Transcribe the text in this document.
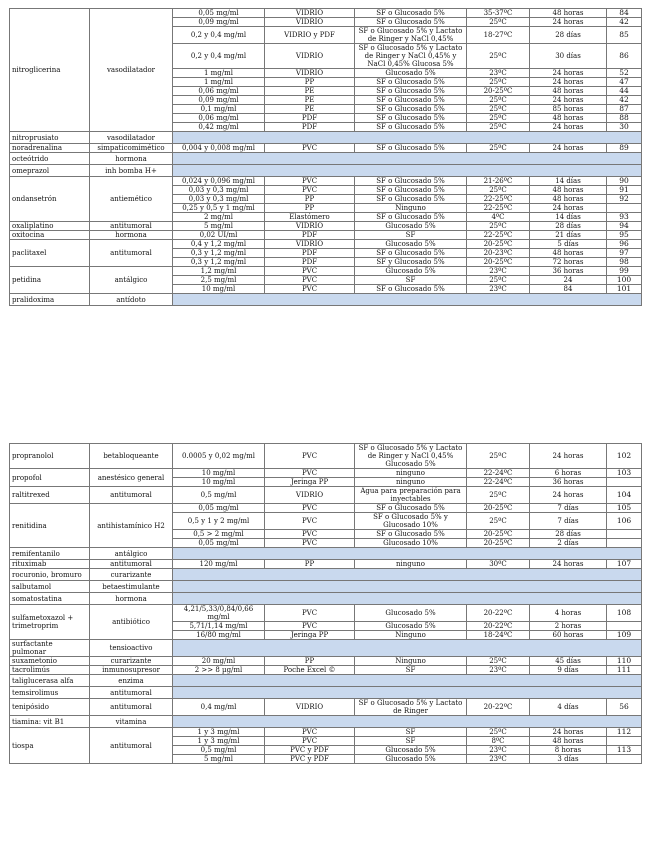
nitroglicerina	vasodilatador	0,05 mg/ml	VIDRIO	SF o Glucosado 5%	35-37ºC	48 horas	84
		0,09 mg/ml	VIDRIO	SF o Glucosado 5%	25ºC	24 horas	42
		0,2 y 0,4 mg/ml	VIDRIO y PDF	SF o Glucosado 5% y Lactato de Ringer y NaCl 0,45%	18-27ºC	28 días	85
		0,2 y 0,4 mg/ml	VIDRIO	SF o Glucosado 5% y Lactato de Ringer y NaCl 0,45% y NaCl 0,45% Glucosa 5%	25ºC	30 días	86
		1 mg/ml	VIDRIO	Glucosado 5%	23ºC	24 horas	52
		1 mg/ml	PP	SF o Glucosado 5%	25ºC	24 horas	47
		0,06 mg/ml	PE	SF o Glucosado 5%	20-25ºC	48 horas	44
		0,09 mg/ml	PE	SF o Glucosado 5%	25ºC	24 horas	42
		0,1 mg/ml	PE	SF o Glucosado 5%	25ºC	85 horas	87
		0,06 mg/ml	PDF	SF o Glucosado 5%	25ºC	48 horas	88
		0,42 mg/ml	PDF	SF o Glucosado 5%	25ºC	24 horas	30
nitroprusiato	vasodilatador						
noradrenalina	simpaticomimético	0,004 y 0,008 mg/ml	PVC	SF o Glucosado 5%	25ºC	24 horas	89
octeótrido	hormona						
omeprazol	inh bomba H+						
ondansetrón	antiemético	0,024 y 0,096 mg/ml	PVC	SF o Glucosado 5%	21-26ºC	14 días	90
		0,03 y 0,3 mg/ml	PVC	SF o Glucosado 5%	25ºC	48 horas	91
		0,03 y 0,3 mg/ml	PP	SF o Glucosado 5%	22-25ºC	48 horas	92
		0,25 y 0,5 y 1 mg/ml	PP	Ninguno	22-25ºC	24 horas	
		2 mg/ml	Elastómero	SF o Glucosado 5%	4ºC	14 días	93
oxaliplatino	antitumoral	5 mg/ml	VIDRIO	Glucosado 5%	25ºC	28 días	94
oxitocina	hormona	0,02 UI/ml	PDF	SF	22-25ºC	21 días	95
paclitaxel	antitumoral	0,4 y 1,2 mg/ml	VIDRIO	Glucosado 5%	20-25ºC	5 días	96
		0,3 y 1,2 mg/ml	PDF	SF o Glucosado 5%	20-23ºC	48 horas	97
		0,3 y 1,2 mg/ml	PDF	SF y Glucosado 5%	20-25ºC	72 horas	98
petidina	antálgico	1,2 mg/ml	PVC	Glucosado 5%	23ºC	36 horas	99
		2,5 mg/ml	PVC	SF	25ºC	24	100
		10 mg/ml	PVC	SF o Glucosado 5%	23ºC	84	101
pralidoxima	antídoto						
propranolol	betabloqueante	0.0005 y 0,02 mg/ml	PVC	SF o Glucosado 5% y Lactato de Ringer y NaCl 0,45% Glucosado 5%	25ºC	24 horas	102
propofol	anestésico general	10 mg/ml	PVC	ninguno	22-24ºC	6 horas	103
		10 mg/ml	Jeringa PP	ninguno	22-24ºC	36 horas	
raltitrexed	antitumoral	0,5 mg/ml	VIDRIO	Agua para preparación para inyectables	25ºC	24 horas	104
renitidina	antihistamínico H2	0,05 mg/ml	PVC	SF o Glucosado 5%	20-25ºC	7 días	105
		0,5 y 1 y 2 mg/ml	PVC	SF o Glucosado 5% y Glucosado 10%	25ºC	7 días	106
		0,5 > 2 mg/ml	PVC	SF o Glucosado 5%	20-25ºC	28 días	
		0,05 mg/ml	PVC	Glucosado 10%	20-25ºC	2 días	
remifentanilo	antálgico						
rituximab	antitumoral	120 mg/ml	PP	ninguno	30ºC	24 horas	107
rocuronio, bromuro	curarizante						
salbutamol	betaestimulante						
somatostatina	hormona						
sulfametoxazol + trimetroprim	antibiótico	4,21/5,33/0,84/0,66 mg/ml	PVC	Glucosado 5%	20-22ºC	4 horas	108
		5,71/1,14 mg/ml	PVC	Glucosado 5%	20-22ºC	2 horas	
		16/80 mg/ml	Jeringa PP	Ninguno	18-24ºC	60 horas	109
surfactante pulmonar	tensioactivo						
suxametonio	curarizante	20 mg/ml	PP	Ninguno	25ºC	45 días	110
tacrolimús	inmunosupresor	2 >> 8 µg/ml	Poche Excel ©	SF	23ºC	9 días	111
taliglucerasa alfa	enzima						
temsirolimus	antitumoral						
tenipósido	antitumoral	0,4 mg/ml	VIDRIO	SF o Glucosado 5% y Lactato de Ringer	20-22ºC	4 días	56
tiamina: vit B1	vitamina						
tiospa	antitumoral	1 y 3 mg/ml	PVC	SF	25ºC	24 horas	112
		1 y 3 mg/ml	PVC	SF	8ºC	48 horas	
		0,5 mg/ml	PVC y PDF	Glucosado 5%	23ºC	8 horas	113
		5 mg/ml	PVC y PDF	Glucosado 5%	23ºC	3 días	
